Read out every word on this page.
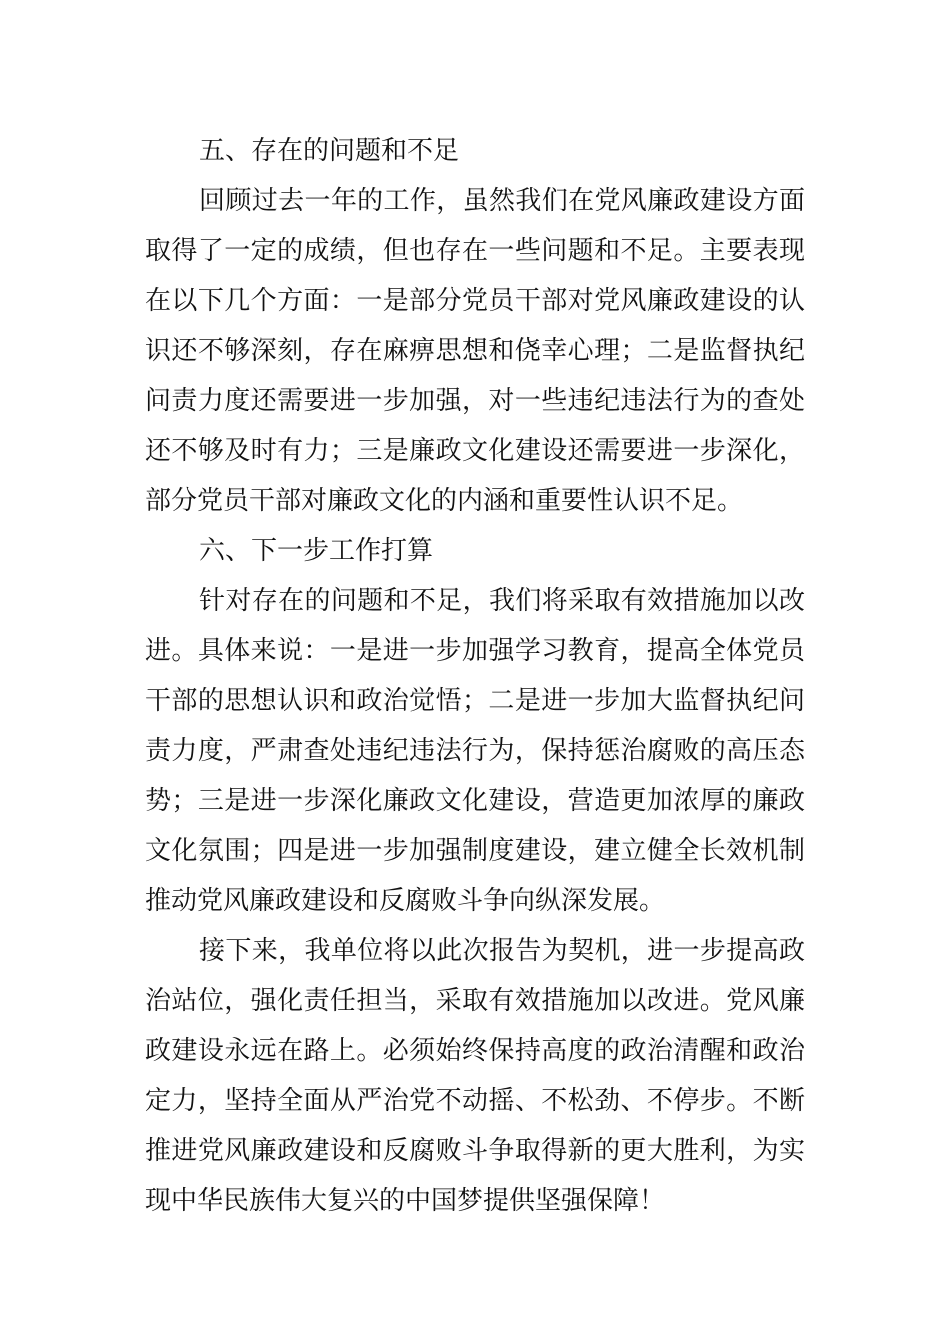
五、存在的问题和不足
回顾过去一年的工作，虽然我们在党风廉政建设方面
取得了一定的成绩，但也存在一些问题和不足。主要表现
在以下几个方面：一是部分党员干部对党风廉政建设的认
识还不够深刻，存在麻痹思想和侥幸心理；二是监督执纪
问责力度还需要进一步加强，对一些违纪违法行为的查处
还不够及时有力；三是廉政文化建设还需要进一步深化，
部分党员干部对廉政文化的内涵和重要性认识不足。
六、下一步工作打算
针对存在的问题和不足，我们将采取有效措施加以改
进。具体来说：一是进一步加强学习教育，提高全体党员
干部的思想认识和政治觉悟；二是进一步加大监督执纪问
责力度，严肃查处违纪违法行为，保持惩治腐败的高压态
势；三是进一步深化廉政文化建设，营造更加浓厚的廉政
文化氛围；四是进一步加强制度建设，建立健全长效机制
推动党风廉政建设和反腐败斗争向纵深发展。
接下来，我单位将以此次报告为契机，进一步提高政
治站位，强化责任担当，采取有效措施加以改进。党风廉
政建设永远在路上。必须始终保持高度的政治清醒和政治
定力，坚持全面从严治党不动摇、不松劲、不停步。不断
推进党风廉政建设和反腐败斗争取得新的更大胜利，为实
现中华民族伟大复兴的中国梦提供坚强保障！
